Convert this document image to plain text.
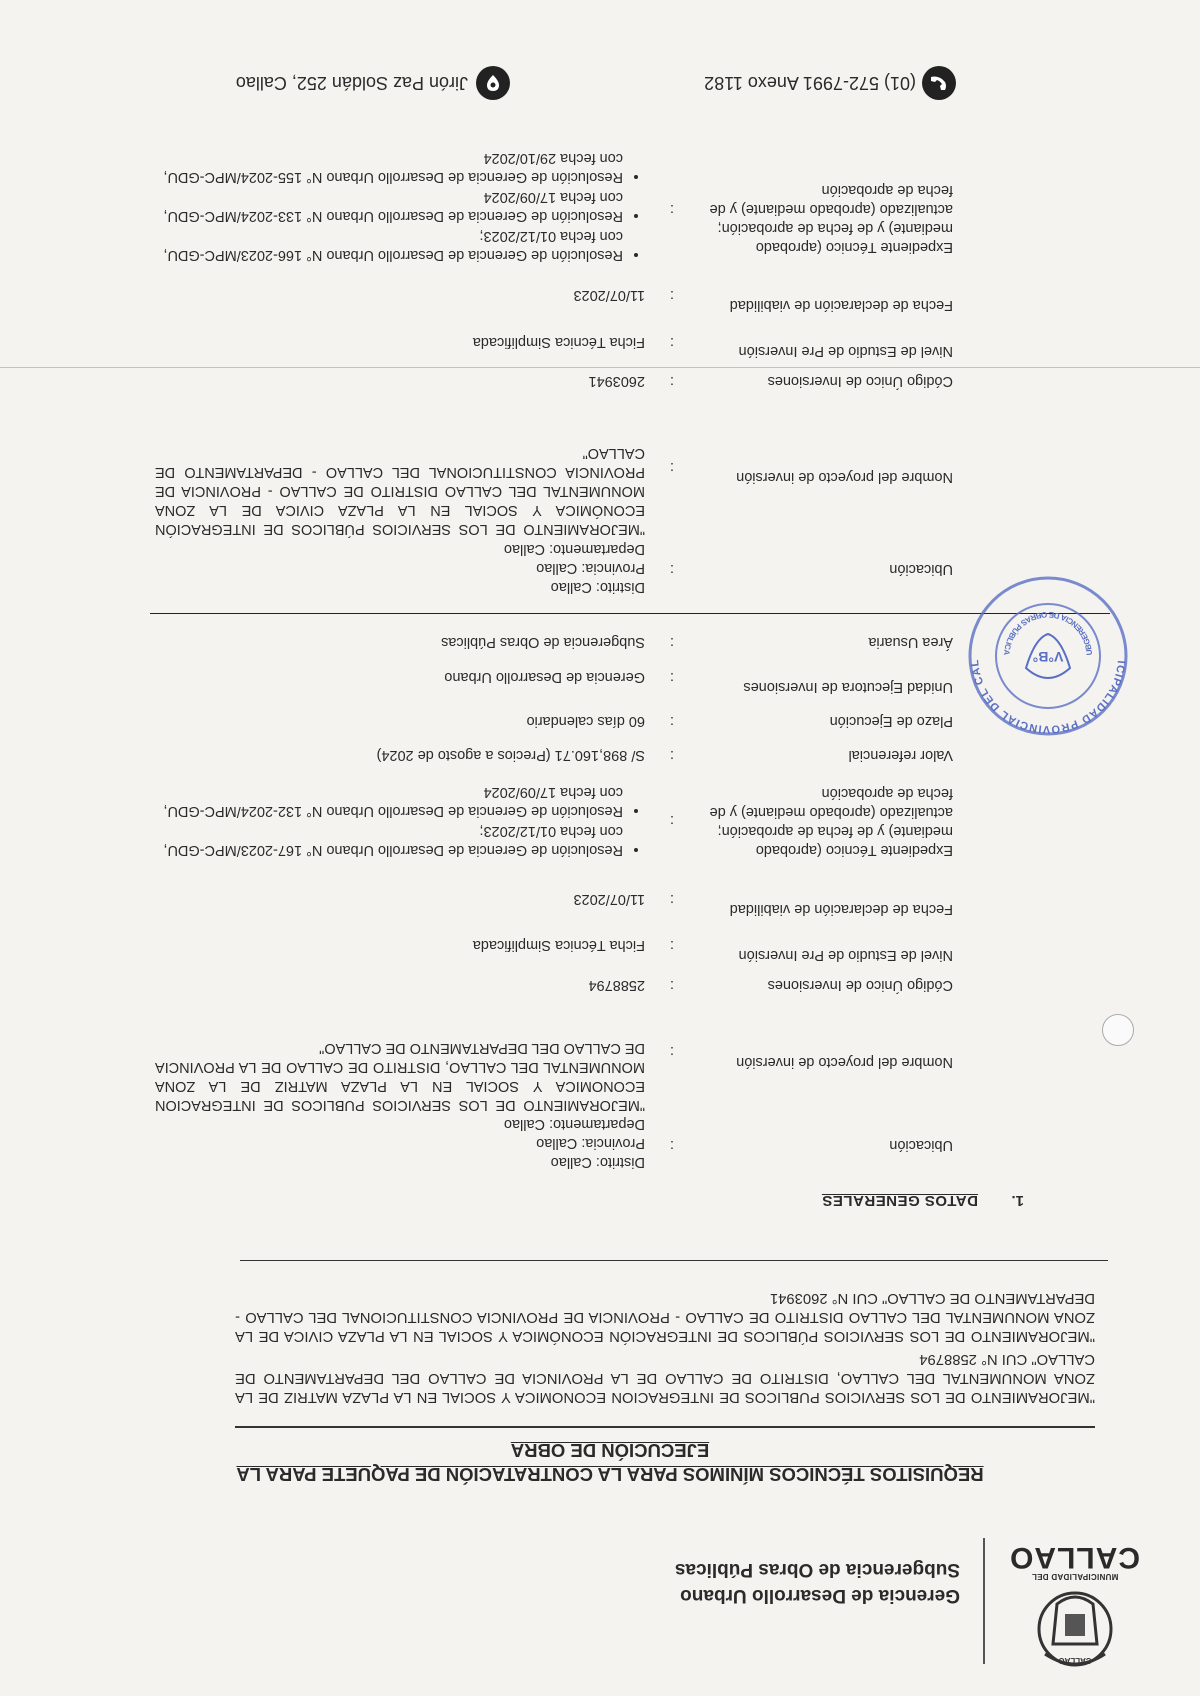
CALLAO
MUNICIPALIDAD DEL
CALLAO
Gerencia de Desarrollo Urbano
Subgerencia de Obras Públicas
REQUISITOS TÉCNICOS MÍNIMOS PARA LA CONTRATACIÓN DE PAQUETE PARA LA
EJECUCIÓN DE OBRA
"MEJORAMIENTO DE LOS SERVICIOS PUBLICOS DE INTEGRACION ECONOMICA Y SOCIAL EN LA PLAZA MATRIZ DE LA ZONA MONUMENTAL DEL CALLAO, DISTRITO DE CALLAO DE LA PROVINCIA DE CALLAO DEL DEPARTAMENTO DE CALLAO" CUI N° 2588794
"MEJORAMIENTO DE LOS SERVICIOS PÚBLICOS DE INTEGRACIÓN ECONÓMICA Y SOCIAL EN LA PLAZA CIVICA DE LA ZONA MONUMENTAL DEL CALLAO DISTRITO DE CALLAO - PROVINCIA DE PROVINCIA CONSTITUCIONAL DEL CALLAO - DEPARTAMENTO DE CALLAO" CUI N° 2603941
1.
DATOS GENERALES
Ubicación
:
Distrito: Callao
Provincia: Callao
Departamento: Callao
Nombre del proyecto de inversión
:
"MEJORAMIENTO DE LOS SERVICIOS PUBLICOS DE INTEGRACION ECONOMICA Y SOCIAL EN LA PLAZA MATRIZ DE LA ZONA MONUMENTAL DEL CALLAO, DISTRITO DE CALLAO DE LA PROVINCIA DE CALLAO DEL DEPARTAMENTO DE CALLAO"
Código Único de Inversiones
:
2588794
Nivel de Estudio de Pre Inversión
:
Ficha Técnica Simplificada
Fecha de declaración de viabilidad
:
11/07/2023
Expediente Técnico (aprobado mediante) y de fecha de aprobación; actualizado (aprobado mediante) y de fecha de aprobación
:
• Resolución de Gerencia de Desarrollo Urbano N° 167-2023/MPC-GDU, con fecha 01/12/2023;
• Resolución de Gerencia de Desarrollo Urbano N° 132-2024/MPC-GDU, con fecha 17/09/2024
Valor referencial
:
S/ 898,160.71 (Precios a agosto de 2024)
Plazo de Ejecución
:
60 días calendario
Unidad Ejecutora de Inversiones
:
Gerencia de Desarrollo Urbano
Área Usuaria
:
Subgerencia de Obras Públicas
Ubicación
:
Distrito: Callao
Provincia: Callao
Departamento: Callao
Nombre del proyecto de inversión
:
"MEJORAMIENTO DE LOS SERVICIOS PÚBLICOS DE INTEGRACIÓN ECONÓMICA Y SOCIAL EN LA PLAZA CIVICA DE LA ZONA MONUMENTAL DEL CALLAO DISTRITO DE CALLAO - PROVINCIA DE PROVINCIA CONSTITUCIONAL DEL CALLAO - DEPARTAMENTO DE CALLAO"
Código Único de Inversiones
:
2603941
Nivel de Estudio de Pre Inversión
:
Ficha Técnica Simplificada
Fecha de declaración de viabilidad
:
11/07/2023
Expediente Técnico (aprobado mediante) y de fecha de aprobación; actualizado (aprobado mediante) y de fecha de aprobación
:
• Resolución de Gerencia de Desarrollo Urbano N° 166-2023/MPC-GDU, con fecha 01/12/2023;
• Resolución de Gerencia de Desarrollo Urbano N° 133-2024/MPC-GDU, con fecha 17/09/2024
• Resolución de Gerencia de Desarrollo Urbano N° 155-2024/MPC-GDU, con fecha 29/10/2024
ICIPALIDAD PROVINCIAL DEL CAL
UBGERENCIA DE OBRAS PÚBLICA	V°B°
(01) 572-7991 Anexo 1182
Jirón Paz Soldán 252, Callao
